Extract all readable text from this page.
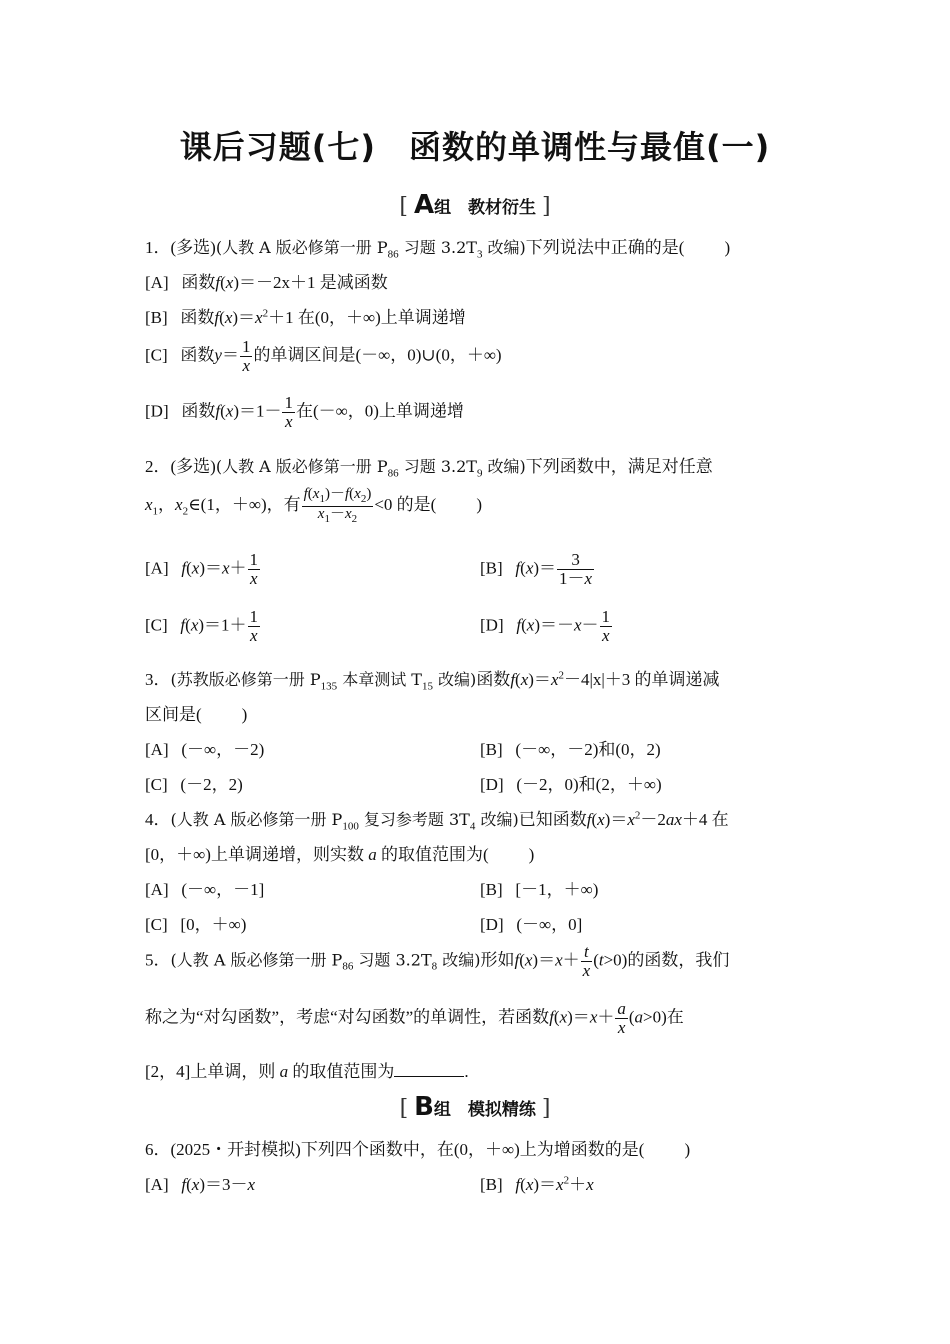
课后习题(七)　函数的单调性与最值(一)
[ A组　教材衍生 ]
1．(多选)(人教 A 版必修第一册 $P_{86}$ 习题 $3.2T_3$ 改编)下列说法中正确的是( )
[A] 函数f(x)＝－2x＋1 是减函数
[B] 函数$f(x)=x^2+1$ 在(0，＋∞)上单调递增
[C] 函数$y= \frac{1}{x}$ 的单调区间是(－∞，0)∪(0，＋∞)
[D] 函数$f(x)=1- \frac{1}{x}$ 在(－∞，0)上单调递增
2．(多选)(人教 A 版必修第一册 $P_{86}$ 习题 $3.2T_9$ 改编)下列函数中，满足对任意
$x_1$，$x_2\in(1$，＋∞)，有 $\frac{f(x_1)-f(x_2)}{x_1-x_2} <0$ 的是( )
[A] $f(x)=x+ \frac{1}{x}$	[B] $f(x)= \frac{3}{1-x}$
[C] $f(x)=1+ \frac{1}{x}$	[D] $f(x)=-x- \frac{1}{x}$
3．(苏教版必修第一册 $P_{135}$ 本章测试 $T_{15}$ 改编)函数$f(x)=x^2-4|x|+3$ 的单调递减
区间是( )
[A] (－∞，－2)	[B] (－∞，－2)和(0，2)
[C] (－2，2)	[D] (－2，0)和(2，＋∞)
4．(人教 A 版必修第一册 $P_{100}$ 复习参考题 $3T_4$ 改编)已知函数$f(x)=x^2-2ax+4$ 在
[0，＋∞)上单调递增，则实数 a 的取值范围为( )
[A] (－∞，－1]	[B] [－1，＋∞)
[C] [0，＋∞)	[D] (－∞，0]
5．(人教 A 版必修第一册 $P_{86}$ 习题 $3.2T_8$ 改编)形如$f(x)=x+ \frac{t}{x} (t>0)$的函数，我们
称之为“对勾函数”，考虑“对勾函数”的单调性，若函数$f(x)=x+ \frac{a}{x} (a>0)$在
[2，4]上单调，则 a 的取值范围为	.
[ B组　模拟精练 ]
6．(2025・开封模拟)下列四个函数中，在(0，＋∞)上为增函数的是( )
[A] f(x)＝3－x	[B] $f(x)=x^2+x$
